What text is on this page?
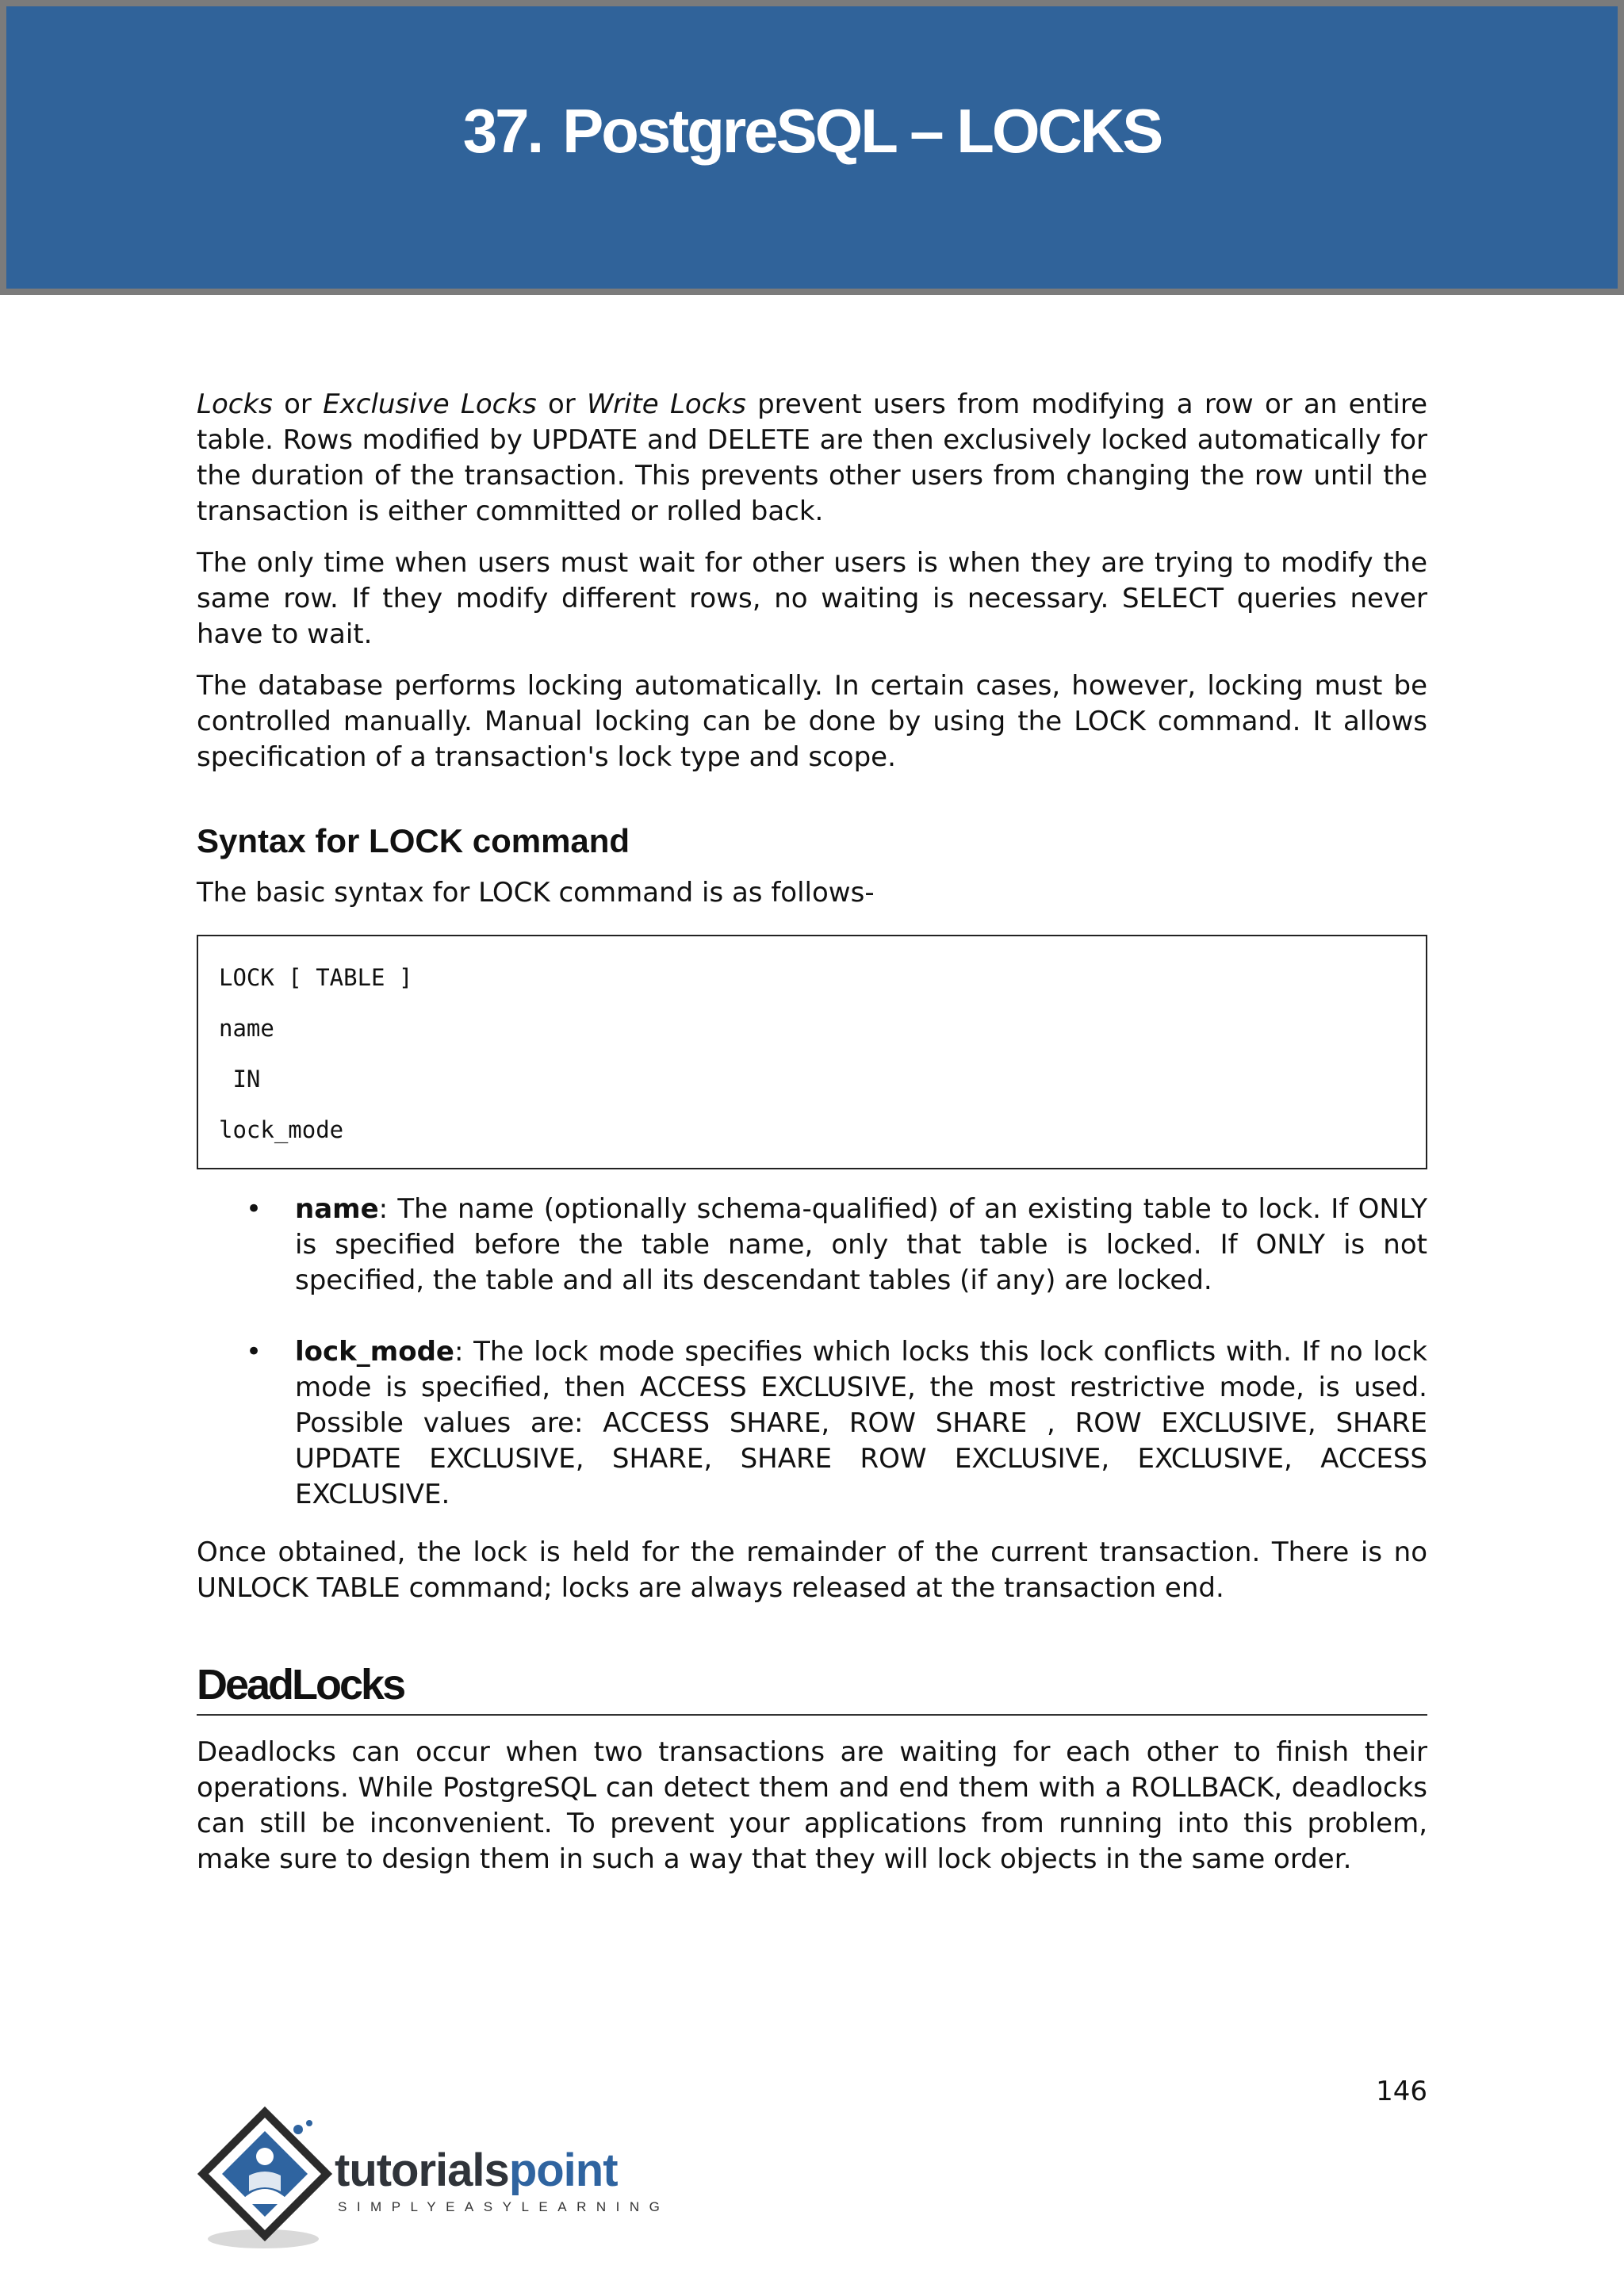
37. PostgreSQL – LOCKS

Locks or Exclusive Locks or Write Locks prevent users from modifying a row or an entire table. Rows modified by UPDATE and DELETE are then exclusively locked automatically for the duration of the transaction. This prevents other users from changing the row until the transaction is either committed or rolled back.

The only time when users must wait for other users is when they are trying to modify the same row. If they modify different rows, no waiting is necessary. SELECT queries never have to wait.

The database performs locking automatically. In certain cases, however, locking must be controlled manually. Manual locking can be done by using the LOCK command. It allows specification of a transaction's lock type and scope.

Syntax for LOCK command

The basic syntax for LOCK command is as follows-

LOCK [ TABLE ]
name
IN
lock_mode
• name: The name (optionally schema-qualified) of an existing table to lock. If ONLY is specified before the table name, only that table is locked. If ONLY is not specified, the table and all its descendant tables (if any) are locked.
• lock_mode: The lock mode specifies which locks this lock conflicts with. If no lock mode is specified, then ACCESS EXCLUSIVE, the most restrictive mode, is used. Possible values are: ACCESS SHARE, ROW SHARE , ROW EXCLUSIVE, SHARE UPDATE EXCLUSIVE, SHARE, SHARE ROW EXCLUSIVE, EXCLUSIVE, ACCESS EXCLUSIVE.

Once obtained, the lock is held for the remainder of the current transaction. There is no UNLOCK TABLE command; locks are always released at the transaction end.

DeadLocks

Deadlocks can occur when two transactions are waiting for each other to finish their operations. While PostgreSQL can detect them and end them with a ROLLBACK, deadlocks can still be inconvenient. To prevent your applications from running into this problem, make sure to design them in such a way that they will lock objects in the same order.

146
tutorialspoint
SIMPLYEASYLEARNING
